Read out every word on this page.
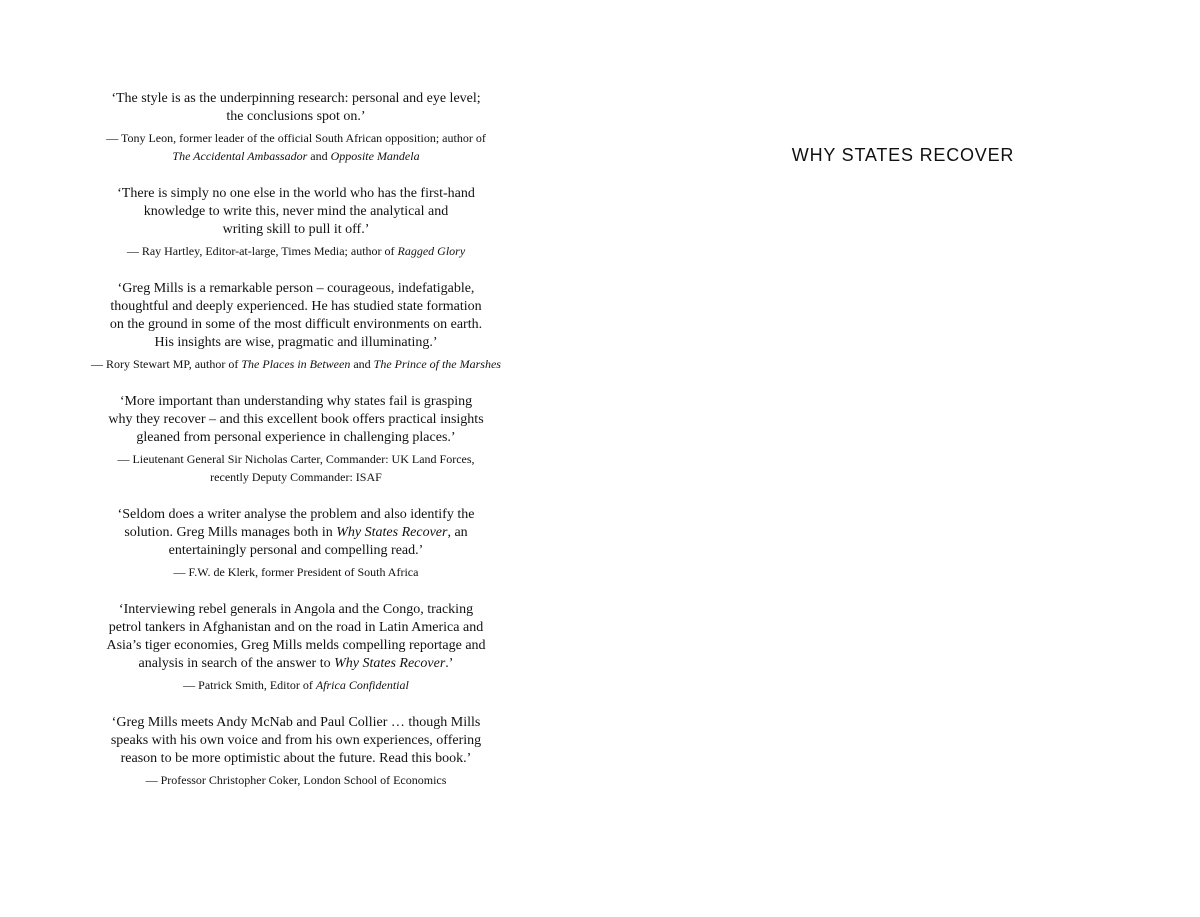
‘The style is as the underpinning research: personal and eye level;
the conclusions spot on.’

— Tony Leon, former leader of the official South African opposition; author of
The Accidental Ambassador and Opposite Mandela

‘There is simply no one else in the world who has the first-hand
knowledge to write this, never mind the analytical and
writing skill to pull it off.’

— Ray Hartley, Editor-at-large, Times Media; author of Ragged Glory

‘Greg Mills is a remarkable person – courageous, indefatigable,
thoughtful and deeply experienced. He has studied state formation
on the ground in some of the most difficult environments on earth.
His insights are wise, pragmatic and illuminating.’

— Rory Stewart MP, author of The Places in Between and The Prince of the Marshes

‘More important than understanding why states fail is grasping
why they recover – and this excellent book offers practical insights
gleaned from personal experience in challenging places.’

— Lieutenant General Sir Nicholas Carter, Commander: UK Land Forces,
recently Deputy Commander: ISAF

‘Seldom does a writer analyse the problem and also identify the
solution. Greg Mills manages both in Why States Recover, an
entertainingly personal and compelling read.’

— F.W. de Klerk, former President of South Africa

‘Interviewing rebel generals in Angola and the Congo, tracking
petrol tankers in Afghanistan and on the road in Latin America and
Asia’s tiger economies, Greg Mills melds compelling reportage and
analysis in search of the answer to Why States Recover.’

— Patrick Smith, Editor of Africa Confidential

‘Greg Mills meets Andy McNab and Paul Collier … though Mills
speaks with his own voice and from his own experiences, offering
reason to be more optimistic about the future. Read this book.’

— Professor Christopher Coker, London School of Economics

WHY STATES RECOVER
